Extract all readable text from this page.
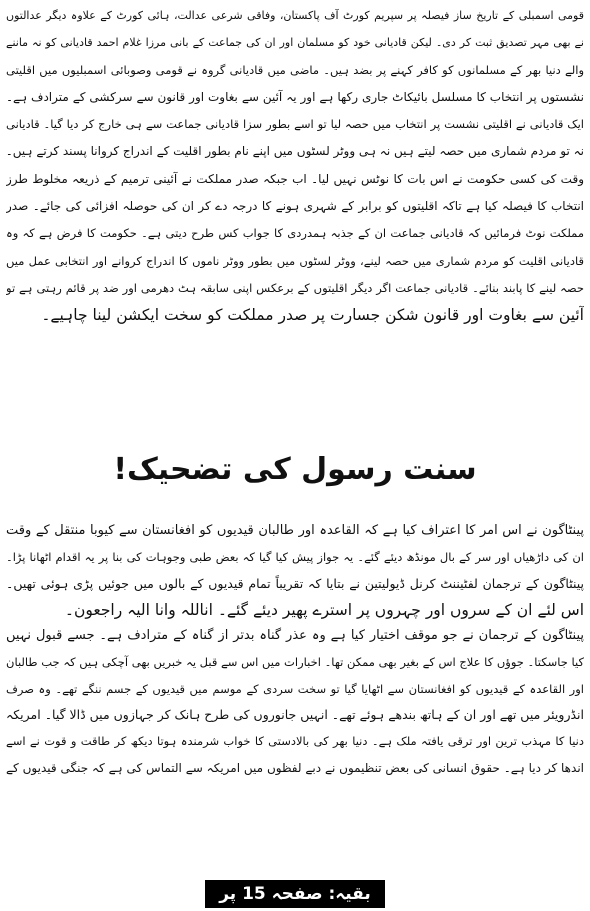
قومی اسمبلی کے تاریخ ساز فیصلہ پر سپریم کورٹ آف پاکستان، وفاقی شرعی عدالت، ہائی کورٹ کے علاوہ دیگر عدالتوں
نے بھی مہر تصدیق ثبت کر دی۔ لیکن قادیانی خود کو مسلمان اور ان کی جماعت کے بانی مرزا غلام احمد قادیانی کو نہ ماننے
والے دنیا بھر کے مسلمانوں کو کافر کہنے پر بضد ہیں۔ ماضی میں قادیانی گروہ نے قومی وصوبائی اسمبلیوں میں اقلیتی
نشستوں پر انتخاب کا مسلسل بائیکاٹ جاری رکھا ہے اور یہ آئین سے بغاوت اور قانون سے سرکشی کے مترادف ہے۔
ایک قادیانی نے اقلیتی نشست پر انتخاب میں حصہ لیا تو اسے بطور سزا قادیانی جماعت سے ہی خارج کر دیا گیا۔ قادیانی
نہ تو مردم شماری میں حصہ لیتے ہیں نہ ہی ووٹر لسٹوں میں اپنے نام بطور اقلیت کے اندراج کروانا پسند کرتے ہیں۔
وقت کی کسی حکومت نے اس بات کا نوٹس نہیں لیا۔ اب جبکہ صدر مملکت نے آئینی ترمیم کے ذریعہ مخلوط طرز
انتخاب کا فیصلہ کیا ہے تاکہ اقلیتوں کو برابر کے شہری ہونے کا درجہ دے کر ان کی حوصلہ افزائی کی جائے۔ صدر
مملکت نوٹ فرمائیں کہ قادیانی جماعت ان کے جذبہ ہمدردی کا جواب کس طرح دیتی ہے۔ حکومت کا فرض ہے کہ وہ
قادیانی اقلیت کو مردم شماری میں حصہ لینے، ووٹر لسٹوں میں بطور ووٹر ناموں کا اندراج کروانے اور انتخابی عمل میں
حصہ لینے کا پابند بنائے۔ قادیانی جماعت اگر دیگر اقلیتوں کے برعکس اپنی سابقہ ہٹ دھرمی اور ضد پر قائم رہتی ہے تو
آئین سے بغاوت اور قانون شکن جسارت پر صدر مملکت کو سخت ایکشن لینا چاہیے۔
سنت رسول کی تضحیک!
پینٹاگون نے اس امر کا اعتراف کیا ہے کہ القاعدہ اور طالبان قیدیوں کو افغانستان سے کیوبا منتقل کے وقت
ان کی داڑھیاں اور سر کے بال مونڈھ دیئے گئے۔ یہ جواز پیش کیا گیا کہ بعض طبی وجوہات کی بنا پر یہ اقدام اٹھانا پڑا۔
پینٹاگون کے ترجمان لفٹیننٹ کرنل ڈیولیتین نے بتایا کہ تقریباً تمام قیدیوں کے بالوں میں جوئیں پڑی ہوئی تھیں۔
اس لئے ان کے سروں اور چہروں پر استرے پھیر دیئے گئے۔ اناللہ وانا الیہ راجعون۔
پینٹاگون کے ترجمان نے جو موقف اختیار کیا ہے وہ عذر گناہ بدتر از گناہ کے مترادف ہے۔ جسے قبول نہیں
کیا جاسکتا۔ جوؤں کا علاج اس کے بغیر بھی ممکن تھا۔ اخبارات میں اس سے قبل یہ خبریں بھی آچکی ہیں کہ جب طالبان
اور القاعدہ کے قیدیوں کو افغانستان سے اٹھایا گیا تو سخت سردی کے موسم میں قیدیوں کے جسم ننگے تھے۔ وہ صرف
انڈرویئر میں تھے اور ان کے ہاتھ بندھے ہوئے تھے۔ انہیں جانوروں کی طرح ہانک کر جہازوں میں ڈالا گیا۔ امریکہ
دنیا کا مہذب ترین اور ترقی یافتہ ملک ہے۔ دنیا بھر کی بالادستی کا خواب شرمندہ ہوتا دیکھ کر طاقت و قوت نے اسے
اندھا کر دیا ہے۔ حقوق انسانی کی بعض تنظیموں نے دبے لفظوں میں امریکہ سے التماس کی ہے کہ جنگی قیدیوں کے
بقیہ: صفحہ 15 پر
